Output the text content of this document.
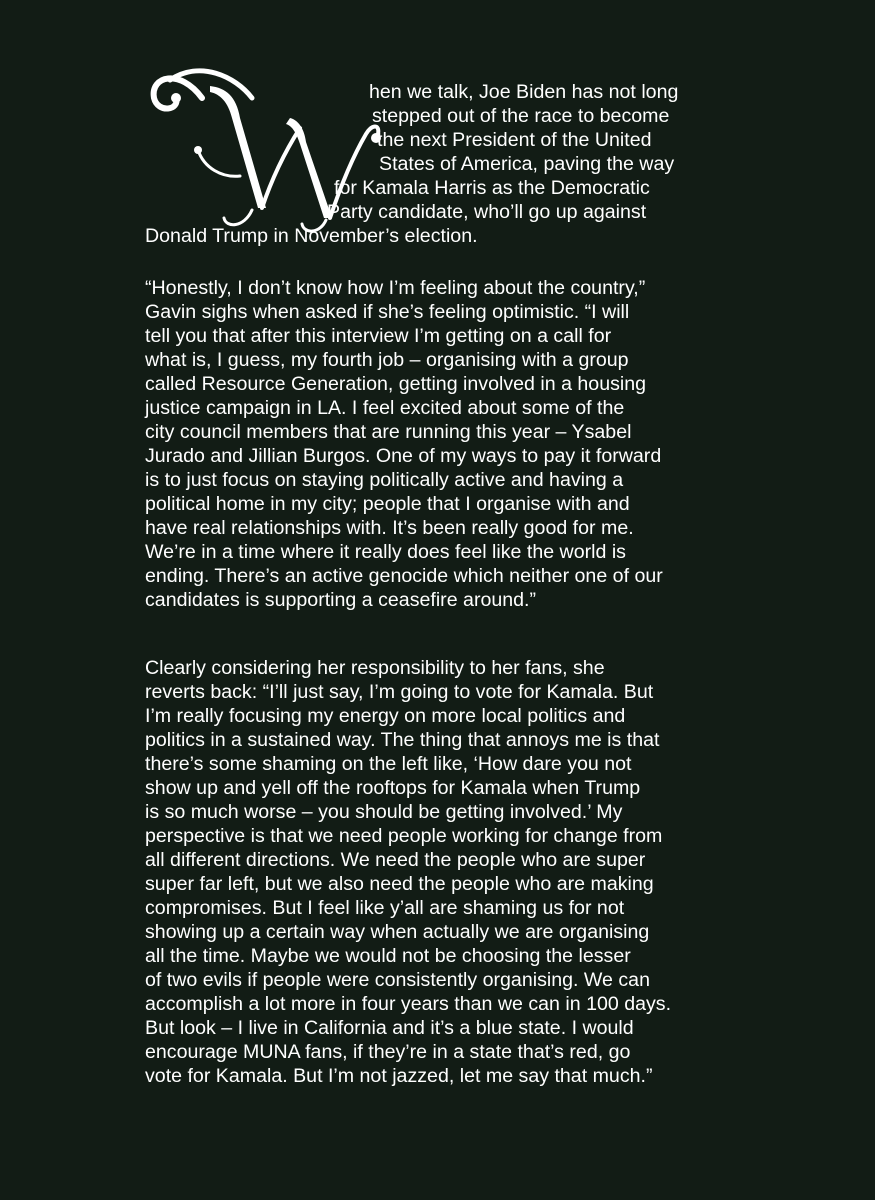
hen we talk, Joe Biden has not long
stepped out of the race to become
the next President of the United
States of America, paving the way
for Kamala Harris as the Democratic
Party candidate, who’ll go up against
Donald Trump in November’s election.
“Honestly, I don’t know how I’m feeling about the country,”
Gavin sighs when asked if she’s feeling optimistic. “I will
tell you that after this interview I’m getting on a call for
what is, I guess, my fourth job – organising with a group
called Resource Generation, getting involved in a housing
justice campaign in LA. I feel excited about some of the
city council members that are running this year – Ysabel
Jurado and Jillian Burgos. One of my ways to pay it forward
is to just focus on staying politically active and having a
political home in my city; people that I organise with and
have real relationships with. It’s been really good for me.
We’re in a time where it really does feel like the world is
ending. There’s an active genocide which neither one of our
candidates is supporting a ceasefire around.”
Clearly considering her responsibility to her fans, she
reverts back: “I’ll just say, I’m going to vote for Kamala. But
I’m really focusing my energy on more local politics and
politics in a sustained way. The thing that annoys me is that
there’s some shaming on the left like, ‘How dare you not
show up and yell off the rooftops for Kamala when Trump
is so much worse – you should be getting involved.’ My
perspective is that we need people working for change from
all different directions. We need the people who are super
super far left, but we also need the people who are making
compromises. But I feel like y’all are shaming us for not
showing up a certain way when actually we are organising
all the time. Maybe we would not be choosing the lesser
of two evils if people were consistently organising. We can
accomplish a lot more in four years than we can in 100 days.
But look – I live in California and it’s a blue state. I would
encourage MUNA fans, if they’re in a state that’s red, go
vote for Kamala. But I’m not jazzed, let me say that much.”
